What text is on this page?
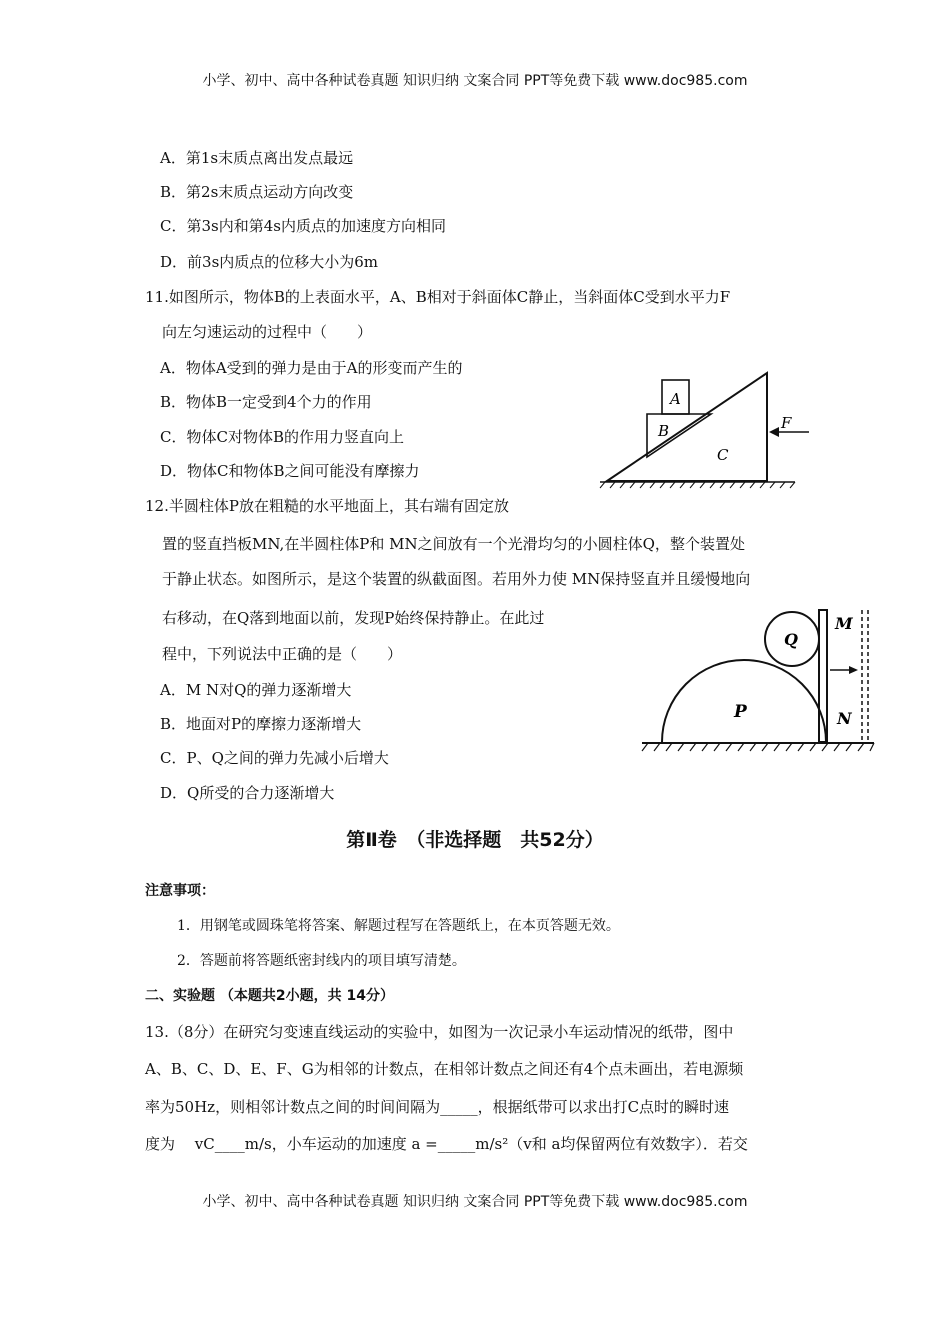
小学、初中、高中各种试卷真题 知识归纳 文案合同 PPT等免费下载 www.doc985.com
A．第1s末质点离出发点最远
B．第2s末质点运动方向改变
C．第3s内和第4s内质点的加速度方向相同
D．前3s内质点的位移大小为6m
11.如图所示，物体B的上表面水平，A、B相对于斜面体C静止，当斜面体C受到水平力F
向左匀速运动的过程中（　　）
A．物体A受到的弹力是由于A的形变而产生的
B．物体B一定受到4个力的作用
C．物体C对物体B的作用力竖直向上
D．物体C和物体B之间可能没有摩擦力
A
B
C
F
12.半圆柱体P放在粗糙的水平地面上，其右端有固定放
置的竖直挡板MN,在半圆柱体P和 MN之间放有一个光滑均匀的小圆柱体Q，整个装置处
于静止状态。如图所示，是这个装置的纵截面图。若用外力使 MN保持竖直并且缓慢地向
右移动，在Q落到地面以前，发现P始终保持静止。在此过
程中，下列说法中正确的是（　　）
A．M N对Q的弹力逐渐增大
B．地面对P的摩擦力逐渐增大
C．P、Q之间的弹力先减小后增大
D．Q所受的合力逐渐增大
P
Q
M
N
第Ⅱ卷　（非选择题　共52分）
注意事项：
1．用钢笔或圆珠笔将答案、解题过程写在答题纸上，在本页答题无效。
2．答题前将答题纸密封线内的项目填写清楚。
二、实验题 （本题共2小题，共 14分）
13.（8分）在研究匀变速直线运动的实验中，如图为一次记录小车运动情况的纸带，图中
A、B、C、D、E、F、G为相邻的计数点，在相邻计数点之间还有4个点未画出，若电源频
率为50Hz，则相邻计数点之间的时间间隔为_____，根据纸带可以求出打C点时的瞬时速
度为　 vC____m/s，小车运动的加速度 a =_____m/s²（v和 a均保留两位有效数字）．若交
小学、初中、高中各种试卷真题 知识归纳 文案合同 PPT等免费下载 www.doc985.com
